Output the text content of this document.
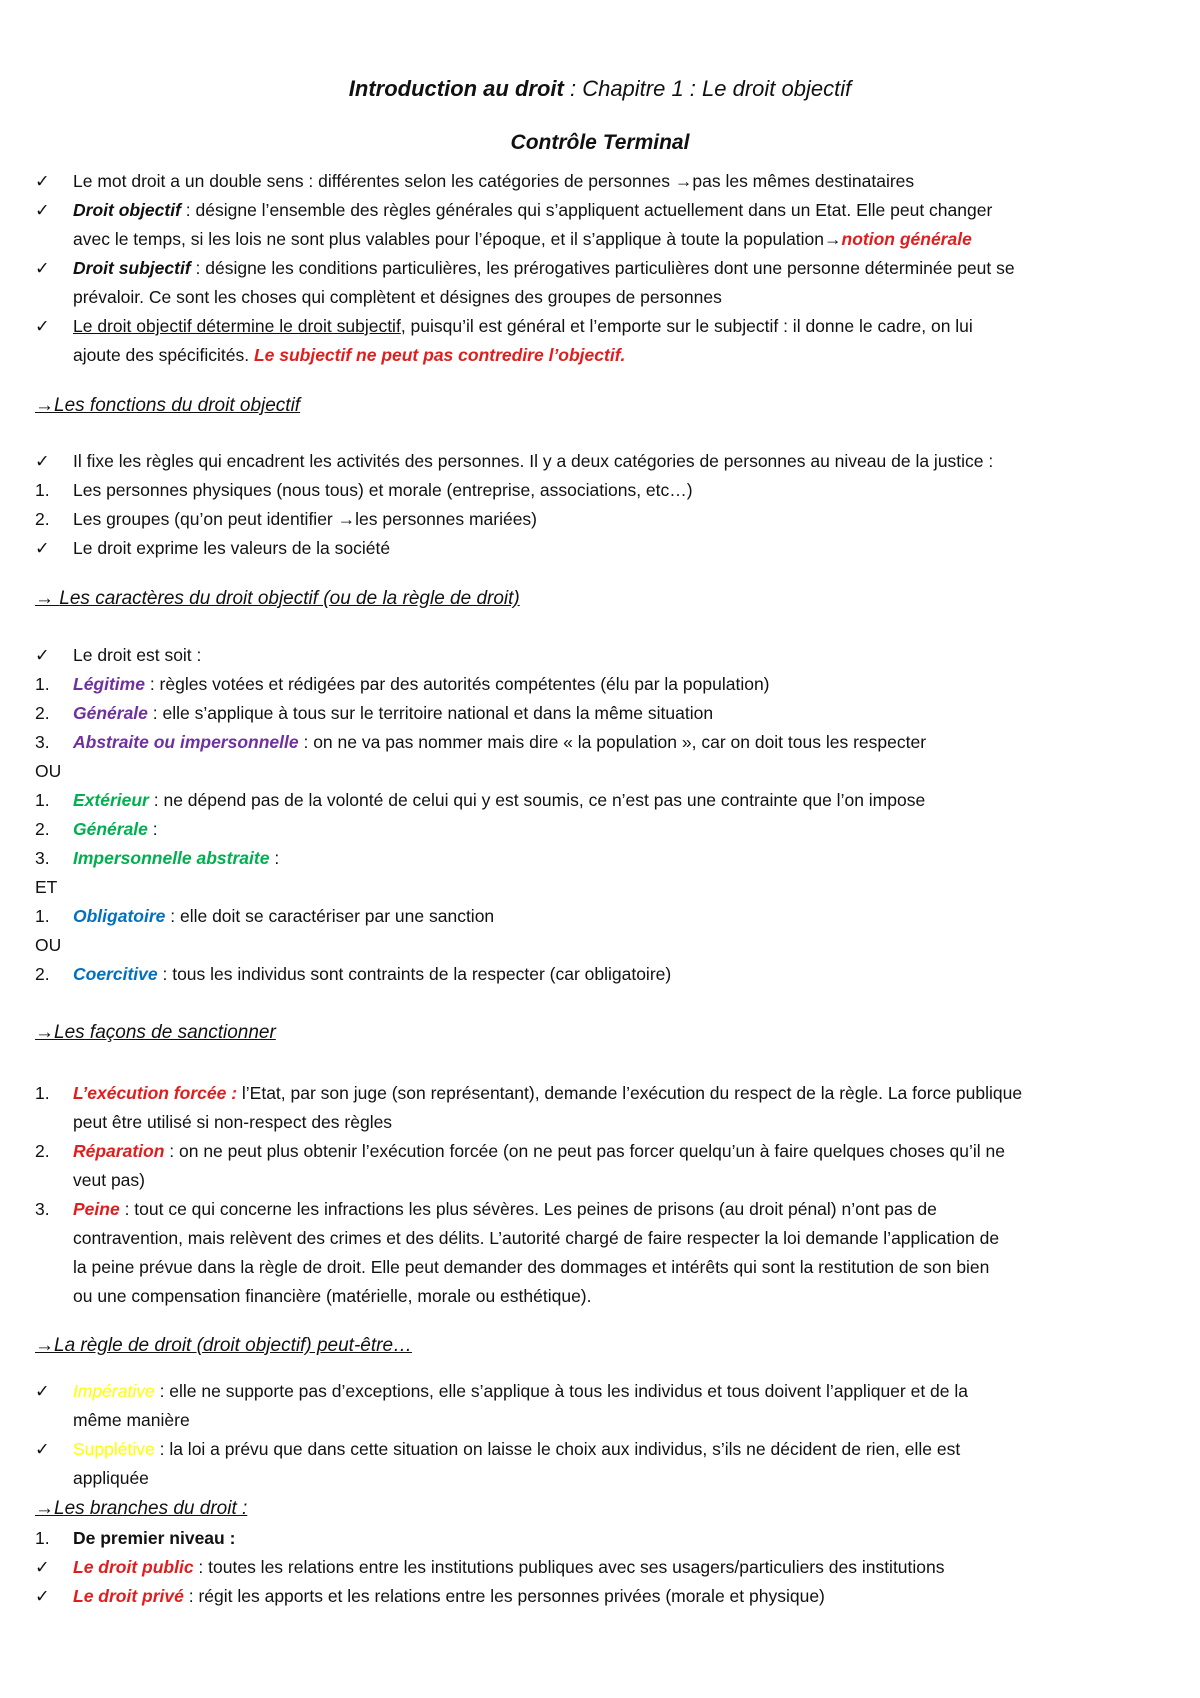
Introduction au droit : Chapitre 1 : Le droit objectif
Contrôle Terminal
✓	Le mot droit a un double sens : différentes selon les catégories de personnes →pas les mêmes destinataires
✓	Droit objectif : désigne l’ensemble des règles générales qui s’appliquent actuellement dans un Etat. Elle peut changer
avec le temps, si les lois ne sont plus valables pour l’époque, et il s’applique à toute la population→notion générale
✓	Droit subjectif : désigne les conditions particulières, les prérogatives particulières dont une personne déterminée peut se
prévaloir. Ce sont les choses qui complètent et désignes des groupes de personnes
✓	Le droit objectif détermine le droit subjectif, puisqu’il est général et l’emporte sur le subjectif : il donne le cadre, on lui
ajoute des spécificités. Le subjectif ne peut pas contredire l’objectif.
→Les fonctions du droit objectif
✓	Il fixe les règles qui encadrent les activités des personnes. Il y a deux catégories de personnes au niveau de la justice :
1.	Les personnes physiques (nous tous) et morale (entreprise, associations, etc…)
2.	Les groupes (qu’on peut identifier →les personnes mariées)
✓	Le droit exprime les valeurs de la société
→ Les caractères du droit objectif (ou de la règle de droit)
✓	Le droit est soit :
1.	Légitime : règles votées et rédigées par des autorités compétentes (élu par la population)
2.	Générale : elle s’applique à tous sur le territoire national et dans la même situation
3.	Abstraite ou impersonnelle : on ne va pas nommer mais dire « la population », car on doit tous les respecter
OU
1.	Extérieur : ne dépend pas de la volonté de celui qui y est soumis, ce n’est pas une contrainte que l’on impose
2.	Générale :
3.	Impersonnelle abstraite :
ET
1.	Obligatoire : elle doit se caractériser par une sanction
OU
2.	Coercitive : tous les individus sont contraints de la respecter (car obligatoire)
→Les façons de sanctionner
1.	L’exécution forcée : l’Etat, par son juge (son représentant), demande l’exécution du respect de la règle. La force publique
peut être utilisé si non-respect des règles
2.	Réparation : on ne peut plus obtenir l’exécution forcée (on ne peut pas forcer quelqu’un à faire quelques choses qu’il ne
veut pas)
3.	Peine : tout ce qui concerne les infractions les plus sévères. Les peines de prisons (au droit pénal) n’ont pas de
contravention, mais relèvent des crimes et des délits. L’autorité chargé de faire respecter la loi demande l’application de
la peine prévue dans la règle de droit. Elle peut demander des dommages et intérêts qui sont la restitution de son bien
ou une compensation financière (matérielle, morale ou esthétique).
→La règle de droit (droit objectif) peut-être…
✓	Impérative : elle ne supporte pas d’exceptions, elle s’applique à tous les individus et tous doivent l’appliquer et de la
même manière
✓	Supplétive : la loi a prévu que dans cette situation on laisse le choix aux individus, s’ils ne décident de rien, elle est
appliquée
→Les branches du droit :
1.	De premier niveau :
✓	Le droit public : toutes les relations entre les institutions publiques avec ses usagers/particuliers des institutions
✓	Le droit privé : régit les apports et les relations entre les personnes privées (morale et physique)
